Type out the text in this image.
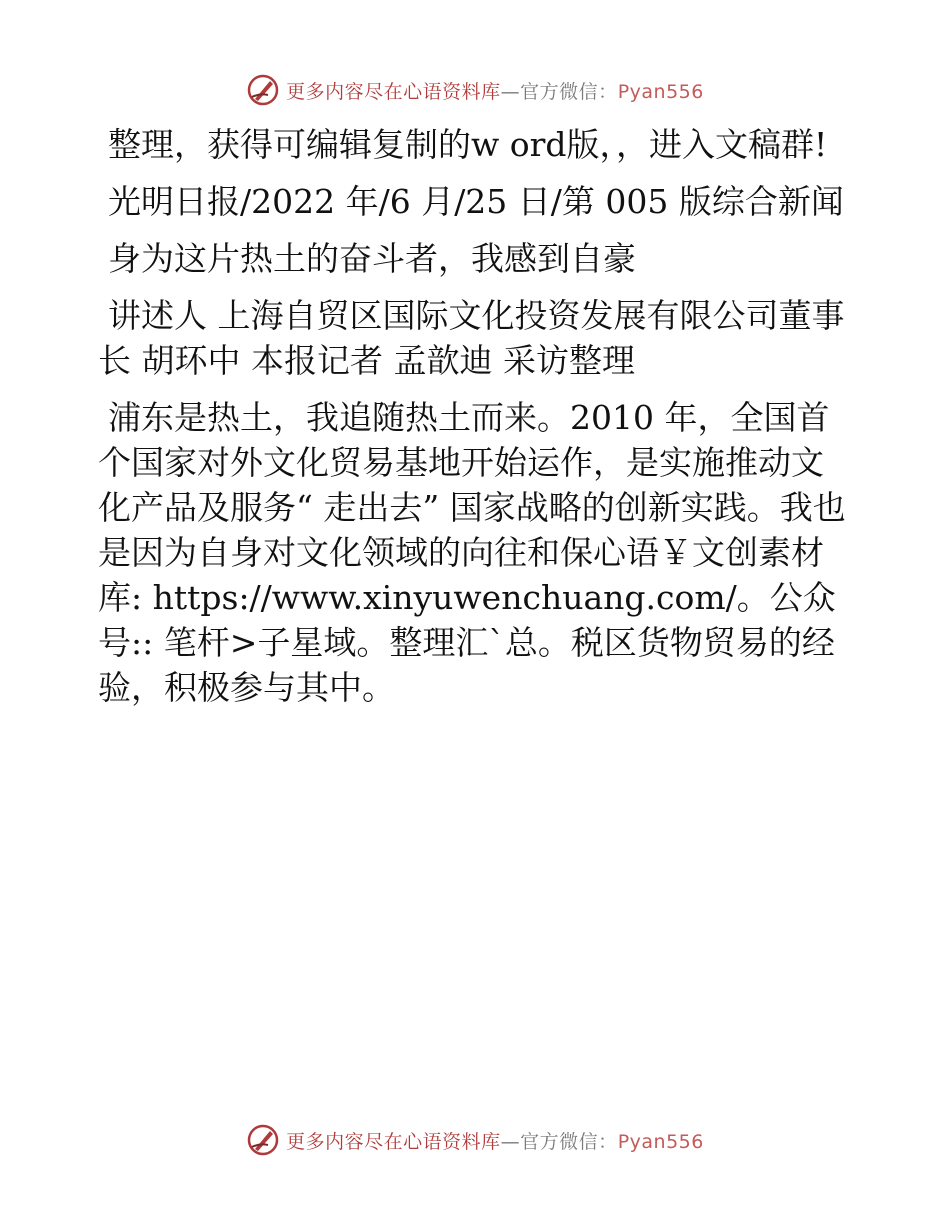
更多内容尽在心语资料库—官方微信：Pyan556

整理，获得可编辑复制的w ord版，，进入文稿群!

光明日报/2022 年/6 月/25 日/第 005 版综合新闻

身为这片热土的奋斗者，我感到自豪

讲述人 上海自贸区国际文化投资发展有限公司董事长 胡环中 本报记者 孟歆迪 采访整理

浦东是热土，我追随热土而来。2010 年，全国首个国家对外文化贸易基地开始运作，是实施推动文化产品及服务“ 走出去” 国家战略的创新实践。我也是因为自身对文化领域的向往和保心语￥文创素材库: https://www.xinyuwenchuang.com/。公众号:: 笔杆>子星域。整理汇`总。税区货物贸易的经验，积极参与其中。

更多内容尽在心语资料库—官方微信：Pyan556
